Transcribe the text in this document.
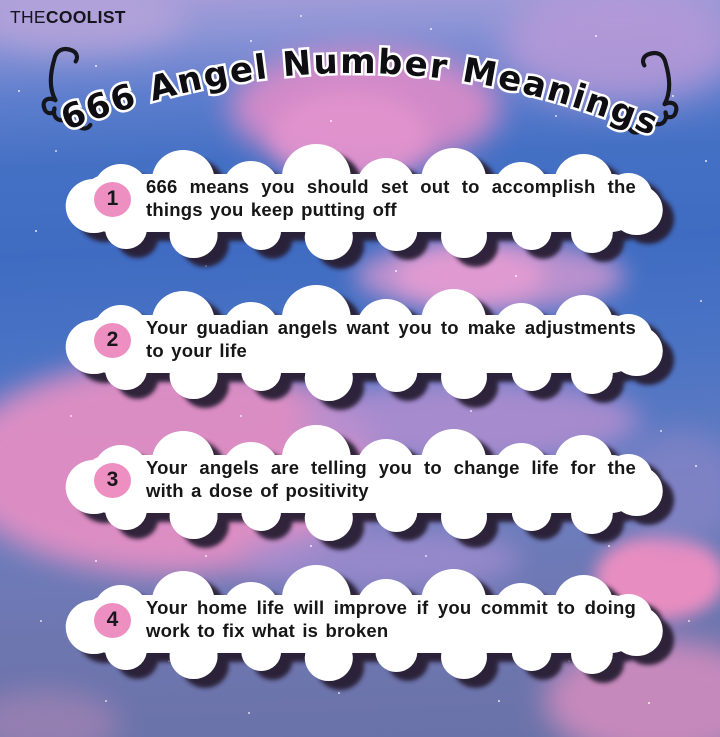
THECOOLIST
666 Angel Number Meanings
1

666 means you should set out to accomplish the things you keep putting off

2

Your guadian angels want you to make adjustments to your life

3

Your angels are telling you to change life for the with a dose of positivity

4

Your home life will improve if you commit to doing work to fix what is broken
